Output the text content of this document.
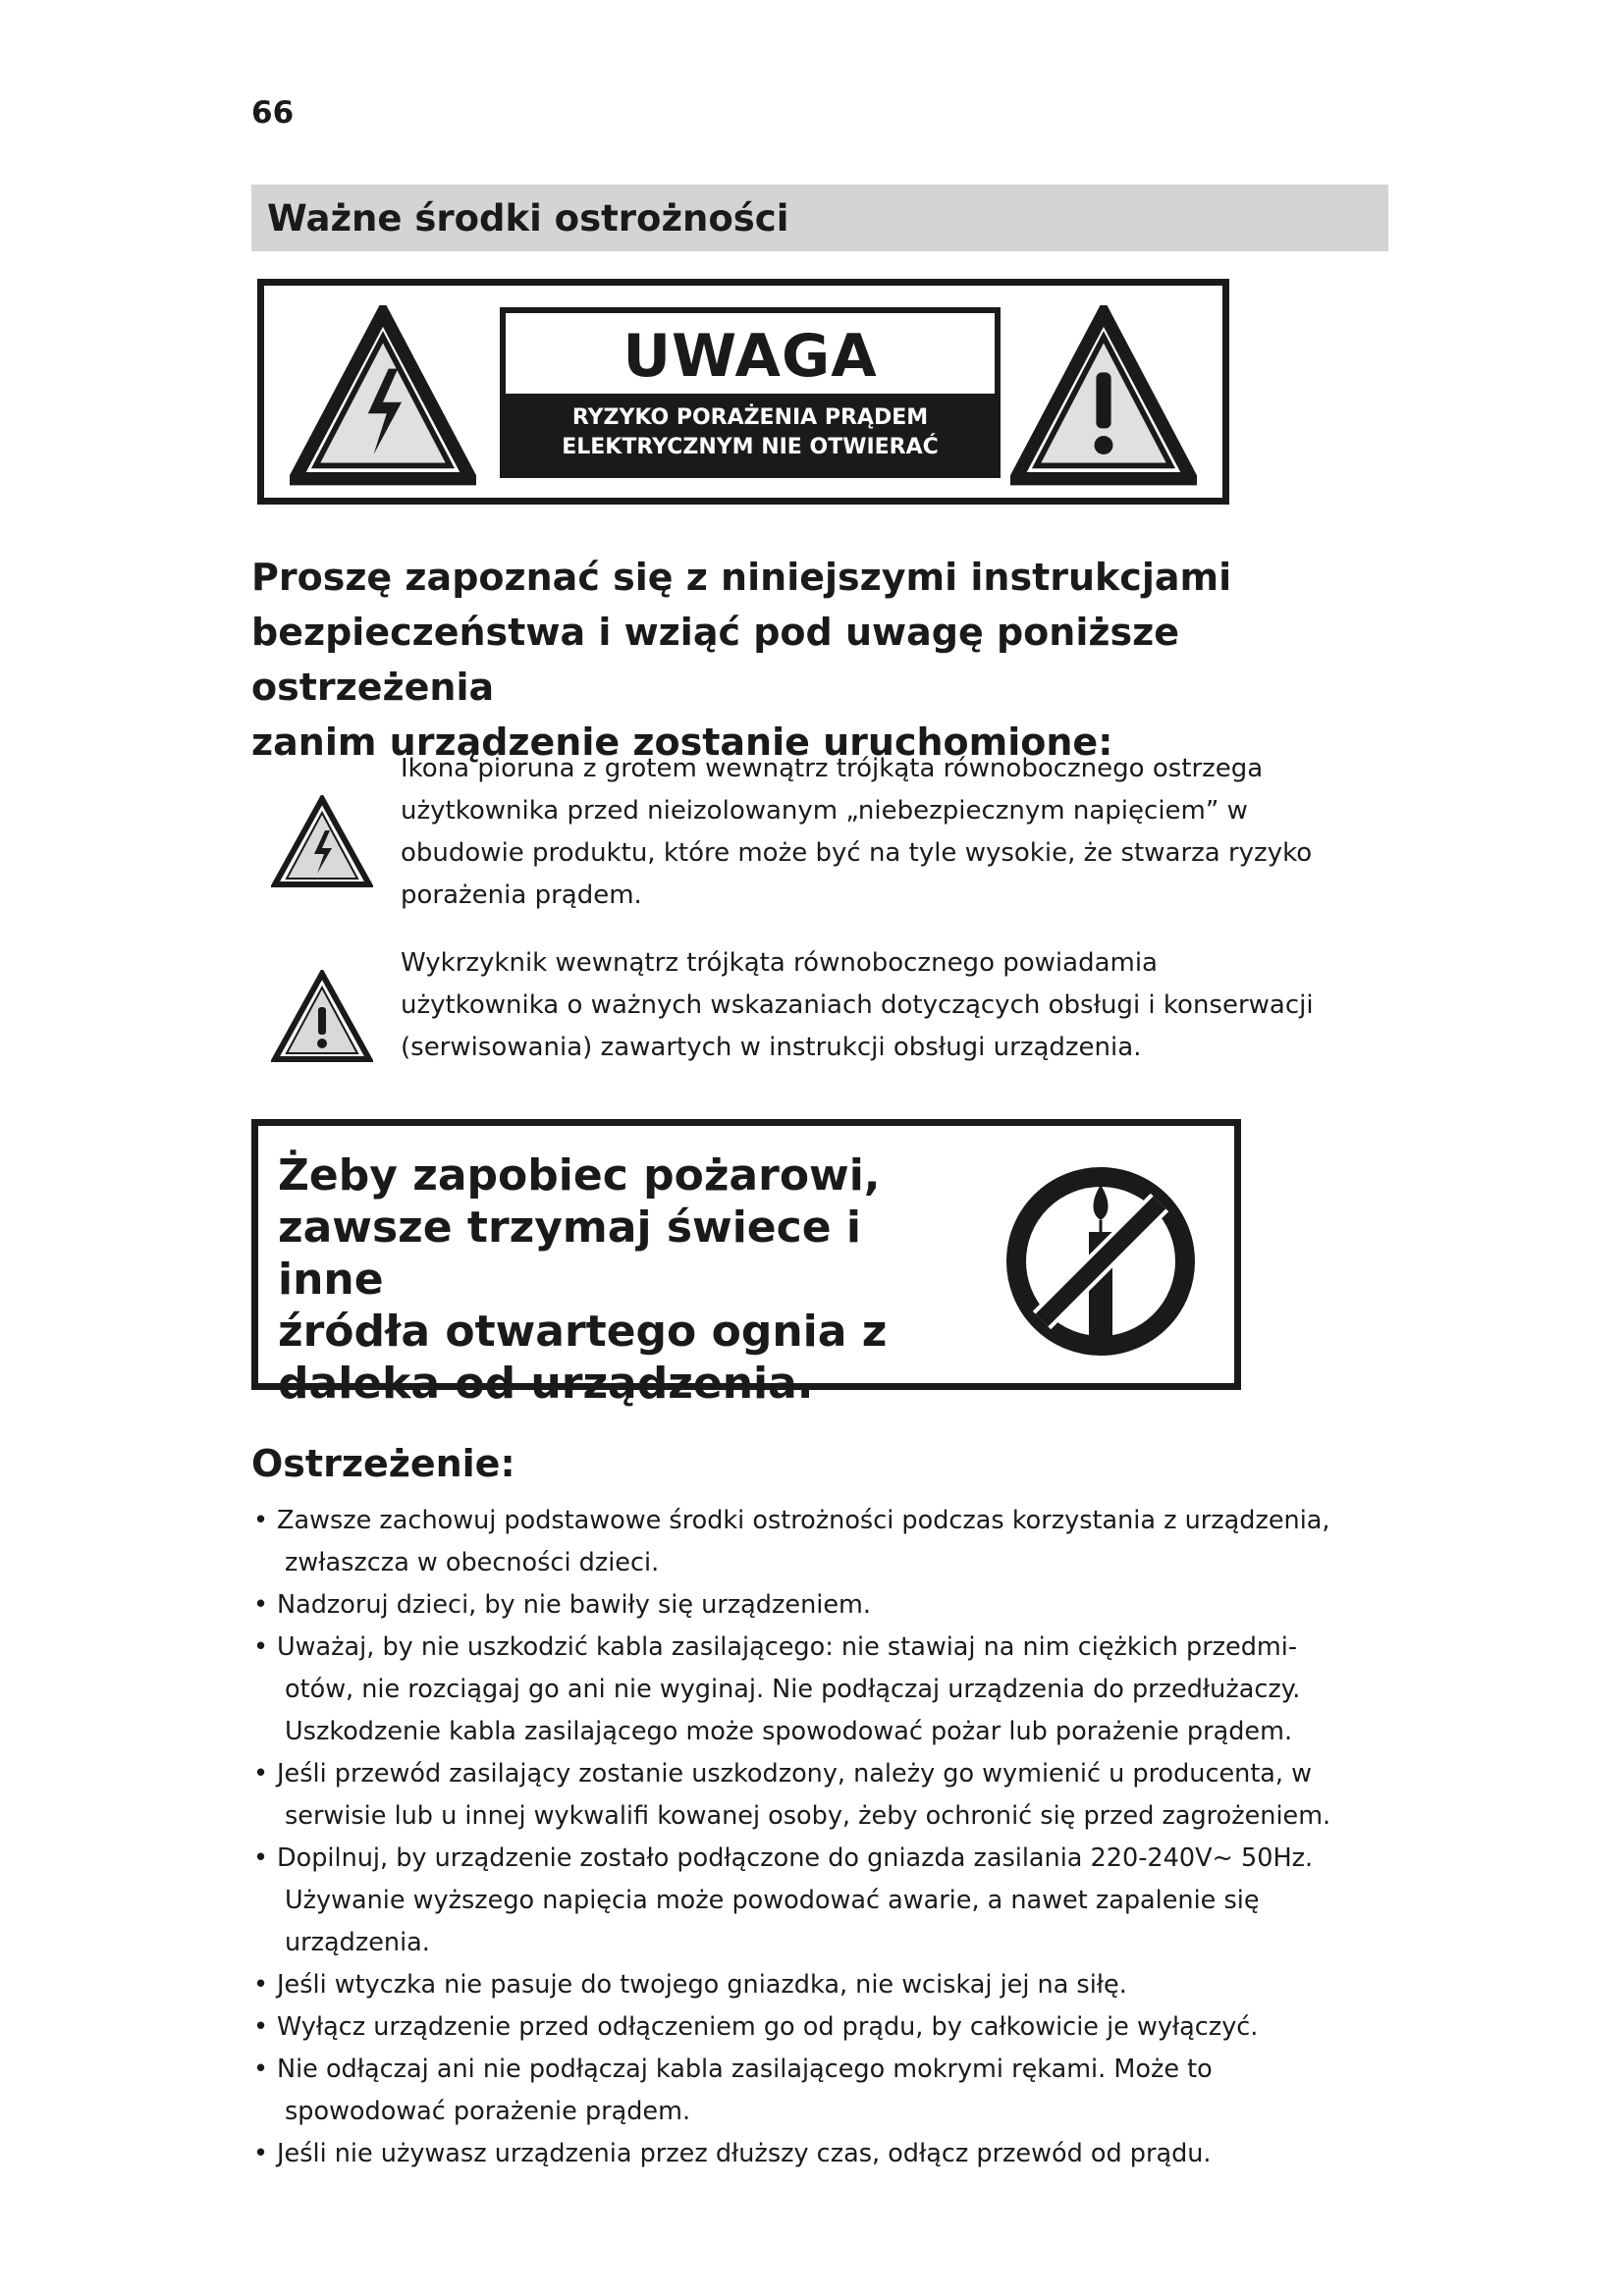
66
Ważne środki ostrożności
UWAGA
RYZYKO PORAŻENIA PRĄDEM
ELEKTRYCZNYM NIE OTWIERAĆ

Proszę zapoznać się z niniejszymi instrukcjami
bezpieczeństwa i wziąć pod uwagę poniższe ostrzeżenia
zanim urządzenie zostanie uruchomione:

Ikona pioruna z grotem wewnątrz trójkąta równobocznego ostrzega
użytkownika przed nieizolowanym „niebezpiecznym napięciem” w
obudowie produktu, które może być na tyle wysokie, że stwarza ryzyko
porażenia prądem.

Wykrzyknik wewnątrz trójkąta równobocznego powiadamia
użytkownika o ważnych wskazaniach dotyczących obsługi i konserwacji
(serwisowania) zawartych w instrukcji obsługi urządzenia.

Żeby zapobiec pożarowi,
zawsze trzymaj świece i inne
źródła otwartego ognia z
daleka od urządzenia.

Ostrzeżenie:
• Zawsze zachowuj podstawowe środki ostrożności podczas korzystania z urządzenia,
zwłaszcza w obecności dzieci.
• Nadzoruj dzieci, by nie bawiły się urządzeniem.
• Uważaj, by nie uszkodzić kabla zasilającego: nie stawiaj na nim ciężkich przedmi-
otów, nie rozciągaj go ani nie wyginaj. Nie podłączaj urządzenia do przedłużaczy.
Uszkodzenie kabla zasilającego może spowodować pożar lub porażenie prądem.
• Jeśli przewód zasilający zostanie uszkodzony, należy go wymienić u producenta, w
serwisie lub u innej wykwalifi kowanej osoby, żeby ochronić się przed zagrożeniem.
• Dopilnuj, by urządzenie zostało podłączone do gniazda zasilania 220-240V~ 50Hz.
Używanie wyższego napięcia może powodować awarie, a nawet zapalenie się
urządzenia.
• Jeśli wtyczka nie pasuje do twojego gniazdka, nie wciskaj jej na siłę.
• Wyłącz urządzenie przed odłączeniem go od prądu, by całkowicie je wyłączyć.
• Nie odłączaj ani nie podłączaj kabla zasilającego mokrymi rękami. Może to
spowodować porażenie prądem.
• Jeśli nie używasz urządzenia przez dłuższy czas, odłącz przewód od prądu.
